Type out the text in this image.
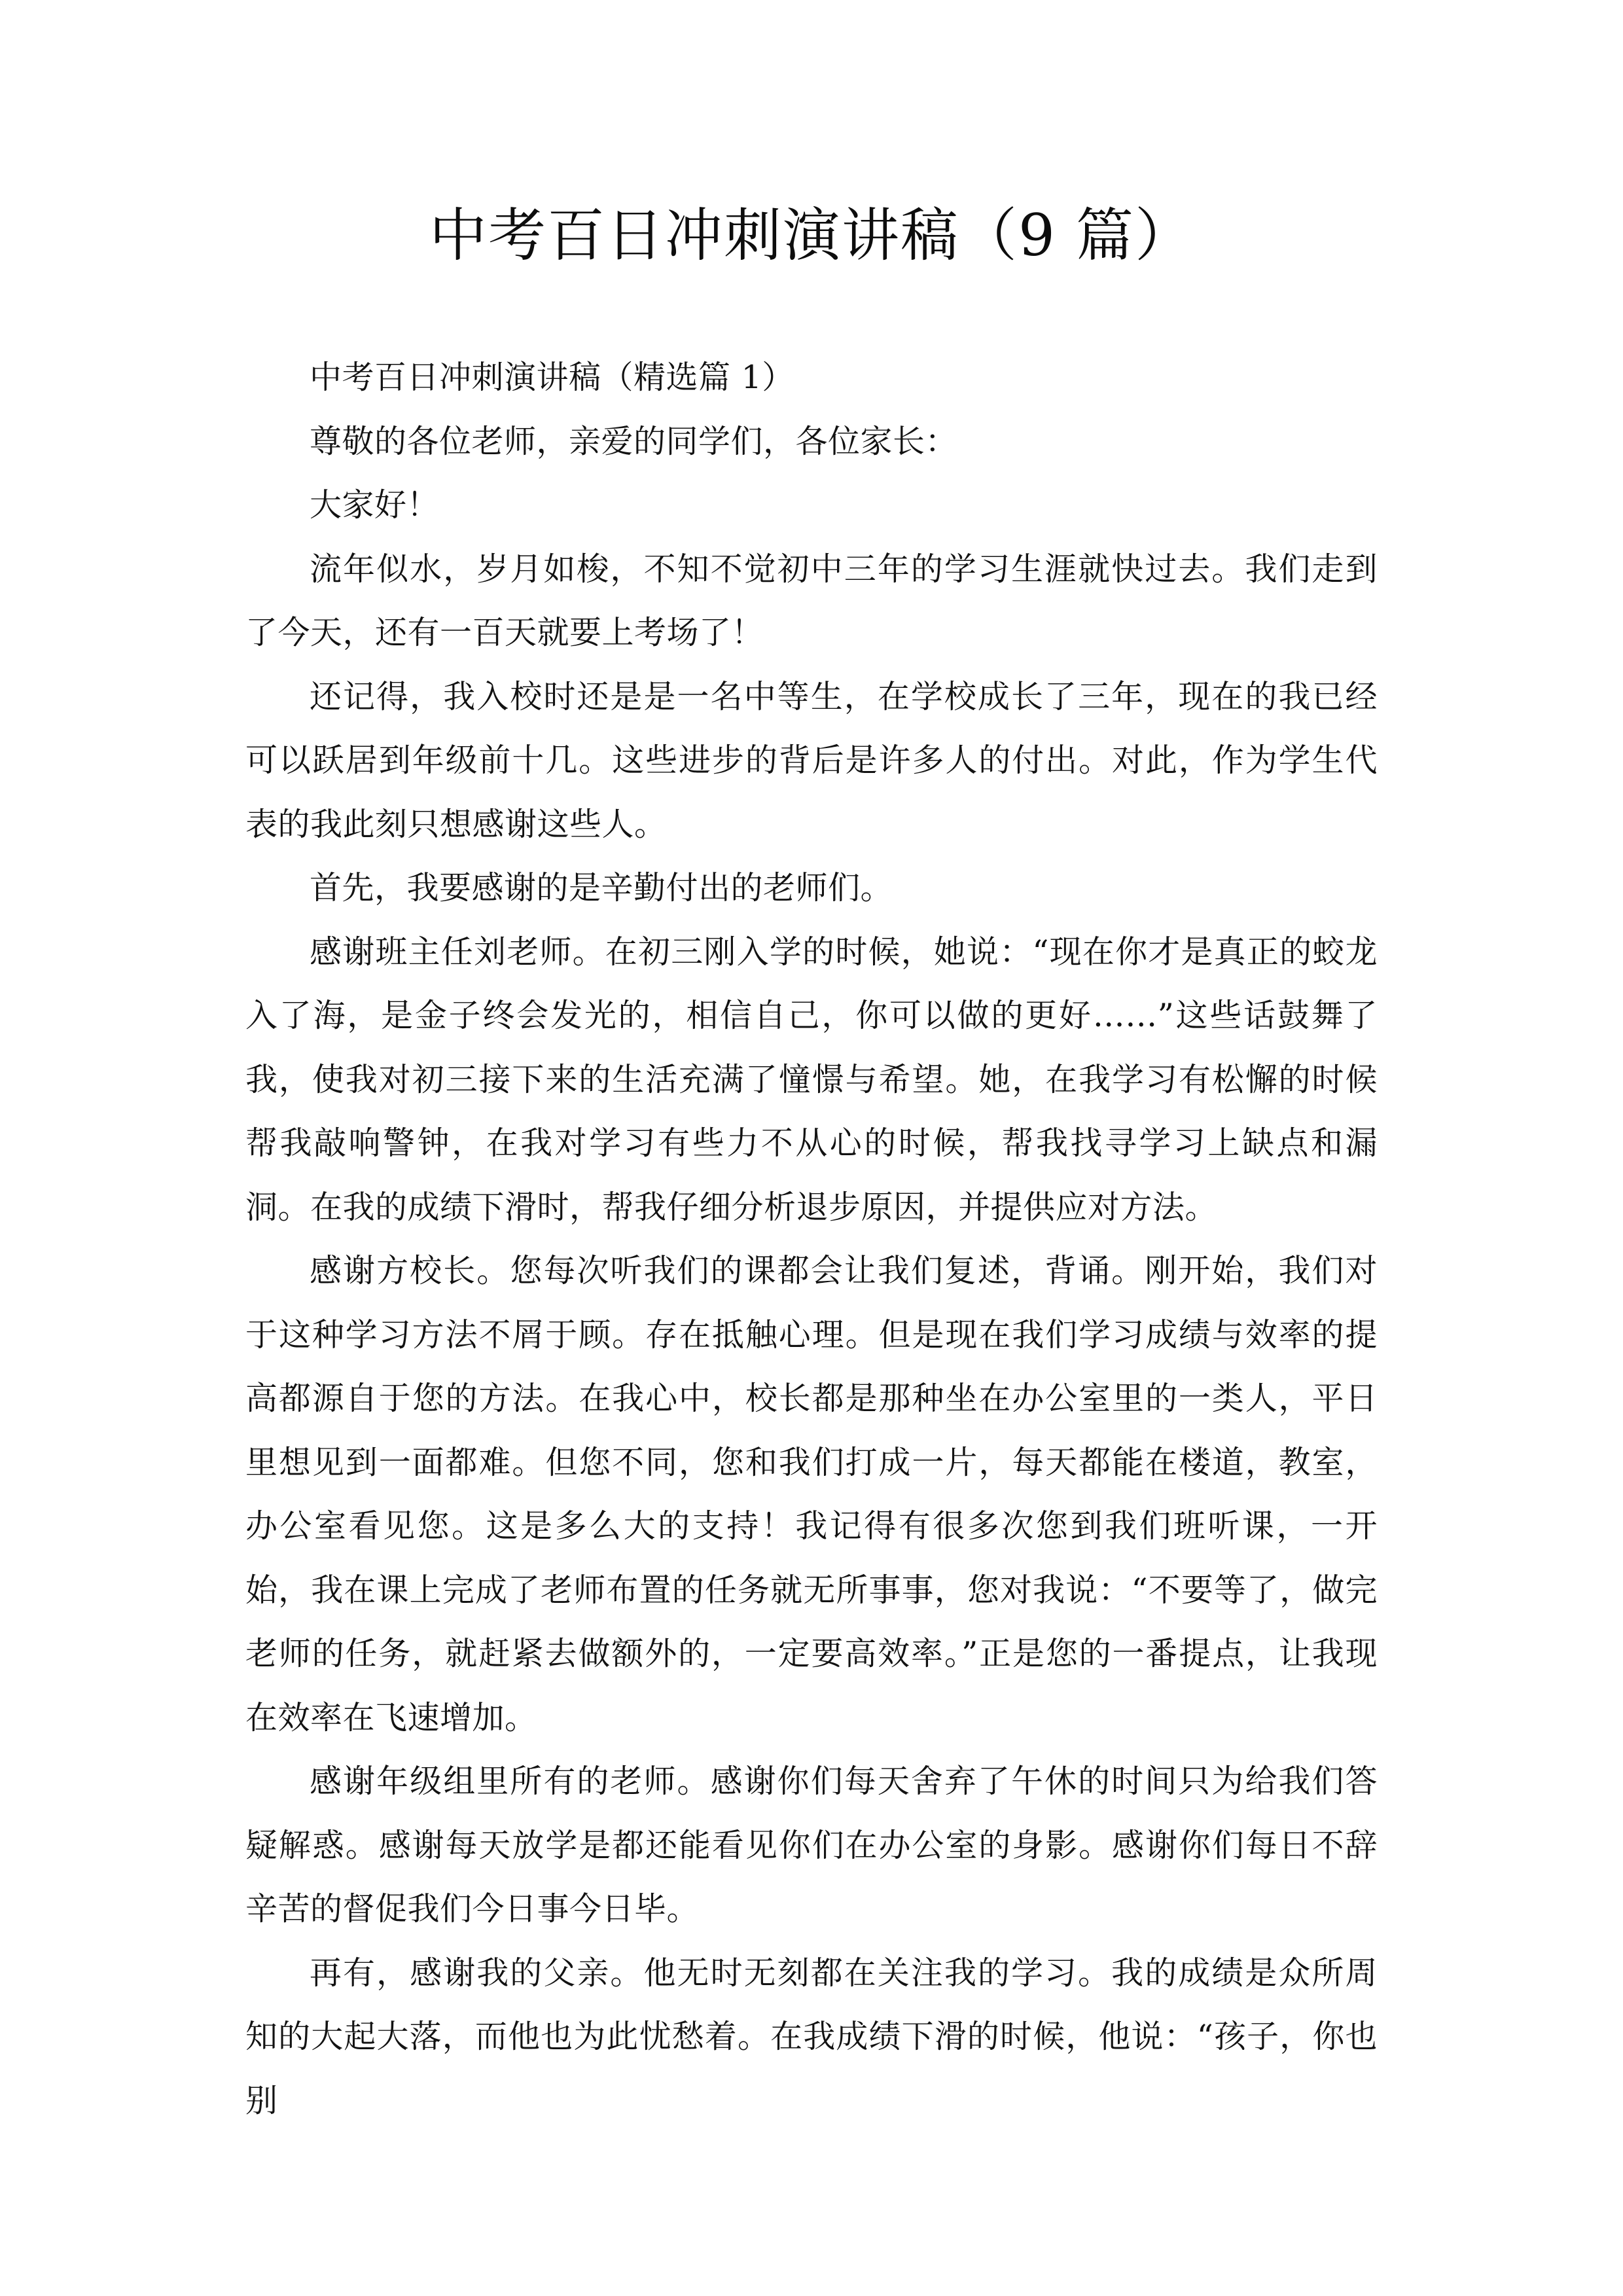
中考百日冲刺演讲稿（9 篇）

中考百日冲刺演讲稿（精选篇 1）

尊敬的各位老师，亲爱的同学们，各位家长：

大家好！

流年似水，岁月如梭，不知不觉初中三年的学习生涯就快过去。我们走到了今天，还有一百天就要上考场了！

还记得，我入校时还是是一名中等生，在学校成长了三年，现在的我已经可以跃居到年级前十几。这些进步的背后是许多人的付出。对此，作为学生代表的我此刻只想感谢这些人。

首先，我要感谢的是辛勤付出的老师们。

感谢班主任刘老师。在初三刚入学的时候，她说：“现在你才是真正的蛟龙入了海，是金子终会发光的，相信自己，你可以做的更好……”这些话鼓舞了我，使我对初三接下来的生活充满了憧憬与希望。她，在我学习有松懈的时候帮我敲响警钟，在我对学习有些力不从心的时候，帮我找寻学习上缺点和漏洞。在我的成绩下滑时，帮我仔细分析退步原因，并提供应对方法。

感谢方校长。您每次听我们的课都会让我们复述，背诵。刚开始，我们对于这种学习方法不屑于顾。存在抵触心理。但是现在我们学习成绩与效率的提高都源自于您的方法。在我心中，校长都是那种坐在办公室里的一类人，平日里想见到一面都难。但您不同，您和我们打成一片，每天都能在楼道，教室，办公室看见您。这是多么大的支持！我记得有很多次您到我们班听课，一开始，我在课上完成了老师布置的任务就无所事事，您对我说：“不要等了，做完老师的任务，就赶紧去做额外的，一定要高效率。”正是您的一番提点，让我现在效率在飞速增加。

感谢年级组里所有的老师。感谢你们每天舍弃了午休的时间只为给我们答疑解惑。感谢每天放学是都还能看见你们在办公室的身影。感谢你们每日不辞辛苦的督促我们今日事今日毕。

再有，感谢我的父亲。他无时无刻都在关注我的学习。我的成绩是众所周知的大起大落，而他也为此忧愁着。在我成绩下滑的时候，他说：“孩子，你也别
